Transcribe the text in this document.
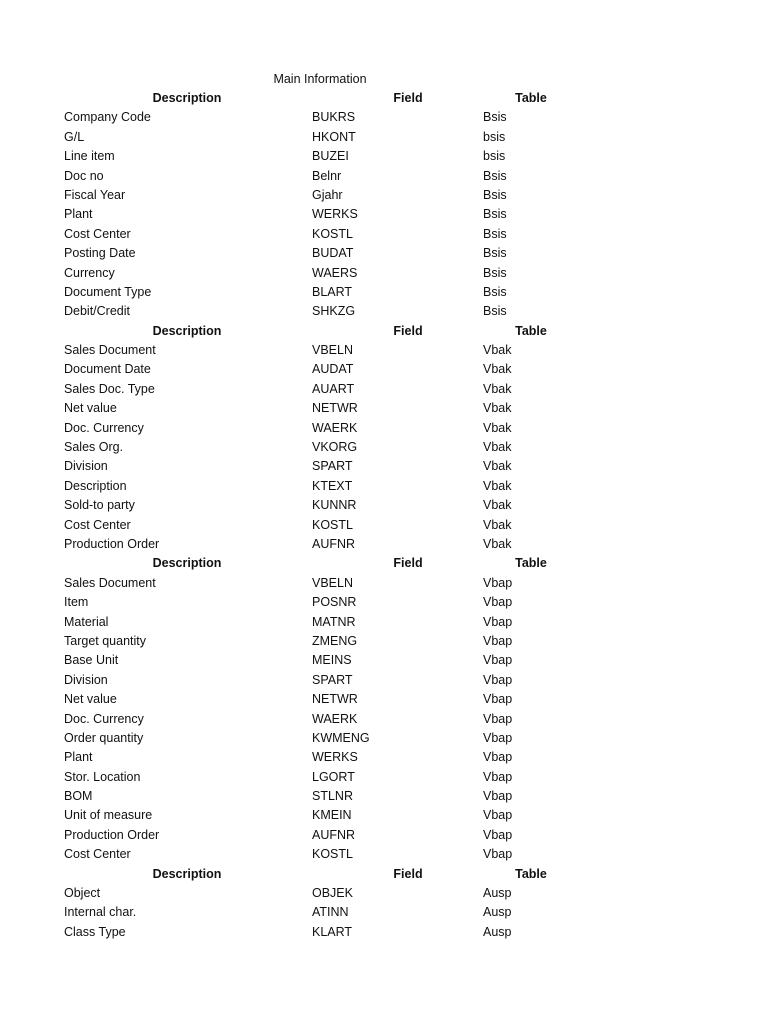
Main Information
Description	Field	Table
Company Code	BUKRS	Bsis
G/L	HKONT	bsis
Line item	BUZEI	bsis
Doc no	Belnr	Bsis
Fiscal Year	Gjahr	Bsis
Plant	WERKS	Bsis
Cost Center	KOSTL	Bsis
Posting Date	BUDAT	Bsis
Currency	WAERS	Bsis
Document Type	BLART	Bsis
Debit/Credit	SHKZG	Bsis
Description	Field	Table
Sales Document	VBELN	Vbak
Document Date	AUDAT	Vbak
Sales Doc. Type	AUART	Vbak
Net value	NETWR	Vbak
Doc. Currency	WAERK	Vbak
Sales Org.	VKORG	Vbak
Division	SPART	Vbak
Description	KTEXT	Vbak
Sold-to party	KUNNR	Vbak
Cost Center	KOSTL	Vbak
Production Order	AUFNR	Vbak
Description	Field	Table
Sales Document	VBELN	Vbap
Item	POSNR	Vbap
Material	MATNR	Vbap
Target quantity	ZMENG	Vbap
Base Unit	MEINS	Vbap
Division	SPART	Vbap
Net value	NETWR	Vbap
Doc. Currency	WAERK	Vbap
Order quantity	KWMENG	Vbap
Plant	WERKS	Vbap
Stor. Location	LGORT	Vbap
BOM	STLNR	Vbap
Unit of measure	KMEIN	Vbap
Production Order	AUFNR	Vbap
Cost Center	KOSTL	Vbap
Description	Field	Table
Object	OBJEK	Ausp
Internal char.	ATINN	Ausp
Class Type	KLART	Ausp
